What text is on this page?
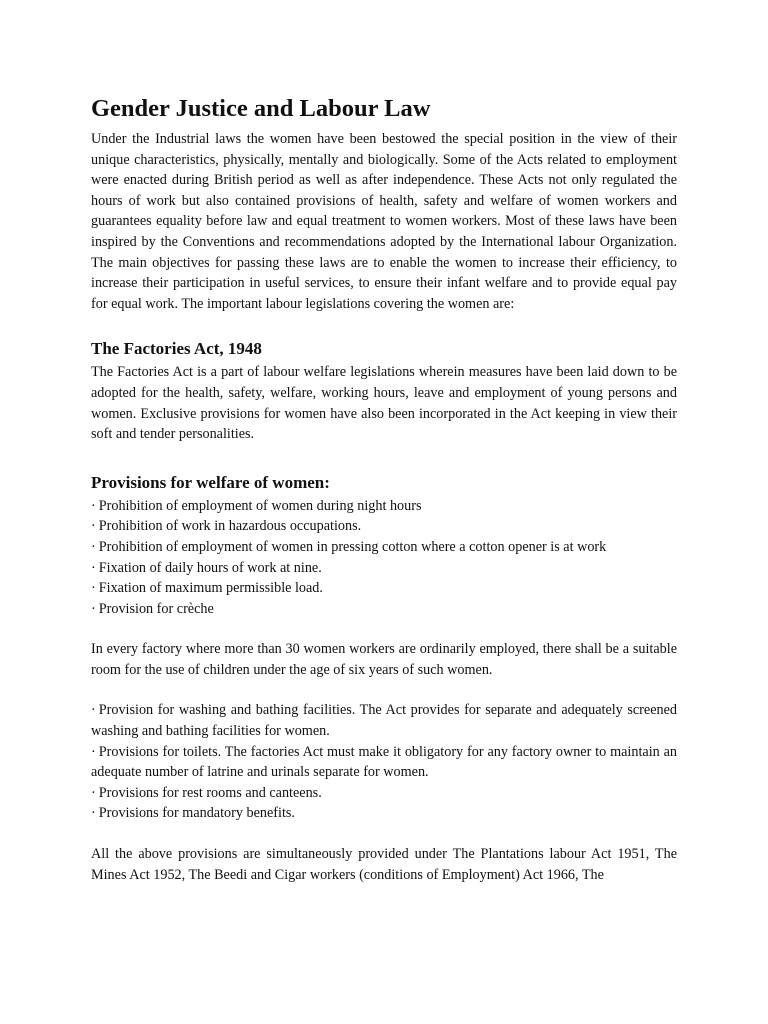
Gender Justice and Labour Law

Under the Industrial laws the women have been bestowed the special position in the view of their unique characteristics, physically, mentally and biologically. Some of the Acts related to employment were enacted during British period as well as after independence. These Acts not only regulated the hours of work but also contained provisions of health, safety and welfare of women workers and guarantees equality before law and equal treatment to women workers. Most of these laws have been inspired by the Conventions and recommendations adopted by the International labour Organization. The main objectives for passing these laws are to enable the women to increase their efficiency, to increase their participation in useful services, to ensure their infant welfare and to provide equal pay for equal work. The important labour legislations covering the women are:

The Factories Act, 1948

The Factories Act is a part of labour welfare legislations wherein measures have been laid down to be adopted for the health, safety, welfare, working hours, leave and employment of young persons and women. Exclusive provisions for women have also been incorporated in the Act keeping in view their soft and tender personalities.

Provisions for welfare of women:
· Prohibition of employment of women during night hours
· Prohibition of work in hazardous occupations.
· Prohibition of employment of women in pressing cotton where a cotton opener is at work
· Fixation of daily hours of work at nine.
· Fixation of maximum permissible load.
· Provision for crèche

In every factory where more than 30 women workers are ordinarily employed, there shall be a suitable room for the use of children under the age of six years of such women.

· Provision for washing and bathing facilities. The Act provides for separate and adequately screened washing and bathing facilities for women.
· Provisions for toilets. The factories Act must make it obligatory for any factory owner to maintain an adequate number of latrine and urinals separate for women.
· Provisions for rest rooms and canteens.
· Provisions for mandatory benefits.

All the above provisions are simultaneously provided under The Plantations labour Act 1951, The Mines Act 1952, The Beedi and Cigar workers (conditions of Employment) Act 1966, The
